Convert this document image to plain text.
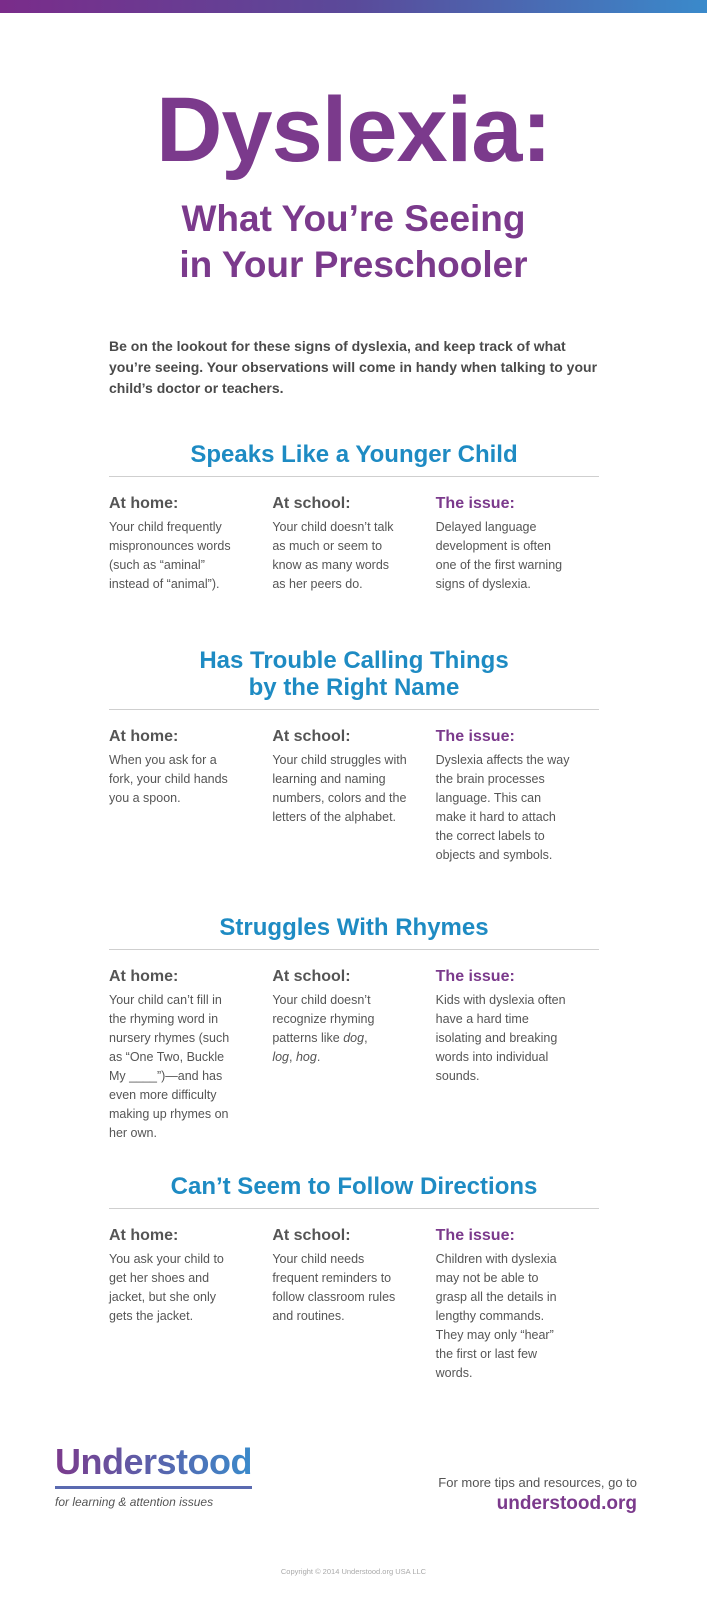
Dyslexia:
What You’re Seeing
in Your Preschooler

Be on the lookout for these signs of dyslexia, and keep track of what you’re seeing. Your observations will come in handy when talking to your child’s doctor or teachers.

Speaks Like a Younger Child
At home:

Your child frequently mispronounces words (such as “aminal” instead of “animal”).

At school:

Your child doesn’t talk as much or seem to know as many words as her peers do.

The issue:

Delayed language development is often one of the first warning signs of dyslexia.

Has Trouble Calling Things
by the Right Name
At home:

When you ask for a fork, your child hands you a spoon.

At school:

Your child struggles with learning and naming numbers, colors and the letters of the alphabet.

The issue:

Dyslexia affects the way the brain processes language. This can make it hard to attach the correct labels to objects and symbols.

Struggles With Rhymes
At home:

Your child can’t fill in the rhyming word in nursery rhymes (such as “One Two, Buckle My ____”)—and has even more difficulty making up rhymes on her own.

At school:

Your child doesn’t recognize rhyming patterns like dog, log, hog.

The issue:

Kids with dyslexia often have a hard time isolating and breaking words into individual sounds.

Can’t Seem to Follow Directions
At home:

You ask your child to get her shoes and jacket, but she only gets the jacket.

At school:

Your child needs frequent reminders to follow classroom rules and routines.

The issue:

Children with dyslexia may not be able to grasp all the details in lengthy commands. They may only “hear” the first or last few words.

Understood
for learning & attention issues
For more tips and resources, go to
understood.org
Copyright © 2014 Understood.org USA LLC
